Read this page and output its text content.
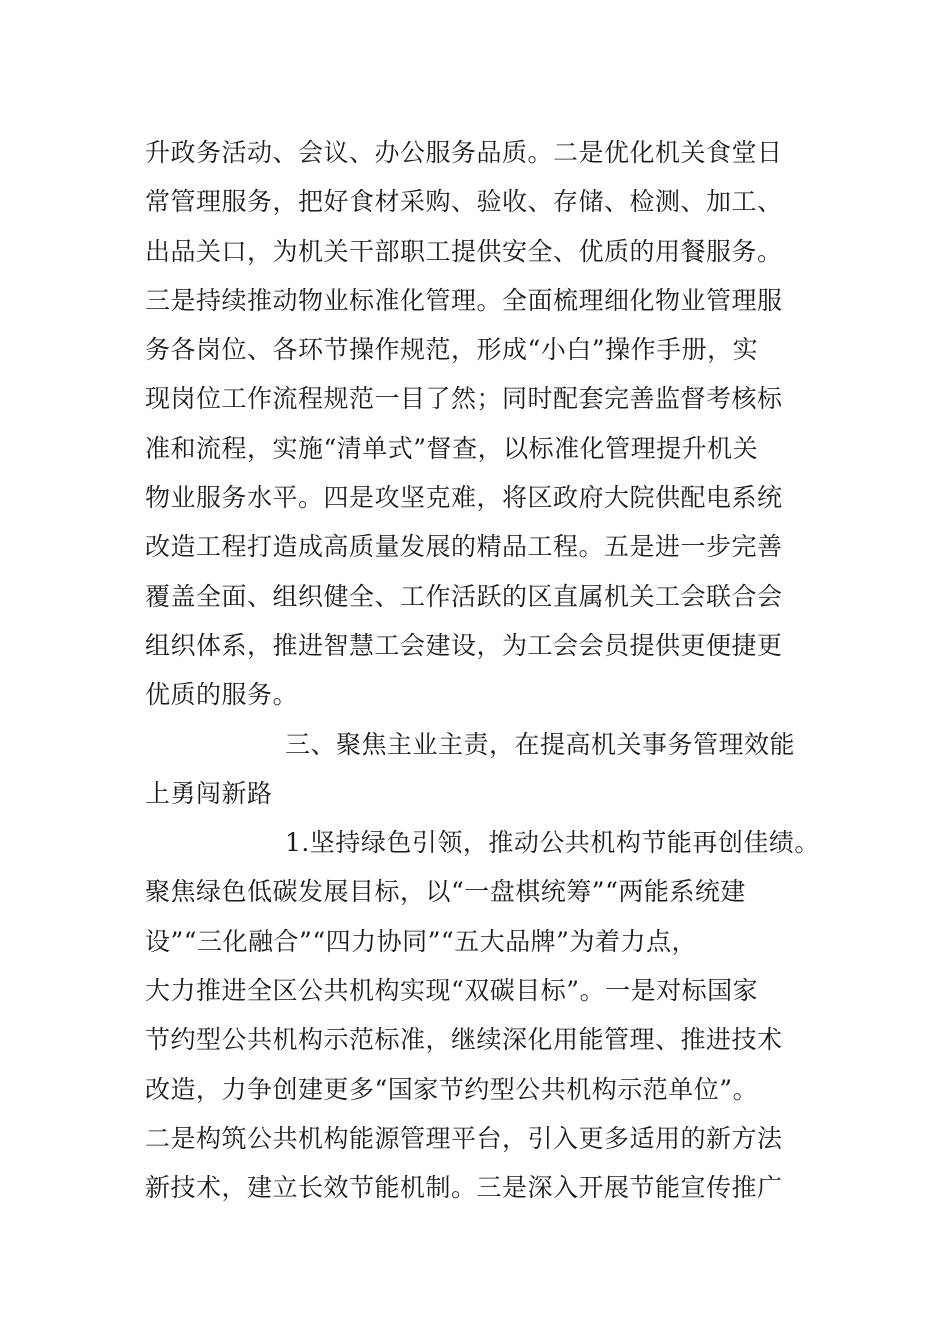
升政务活动、会议、办公服务品质。二是优化机关食堂日
常管理服务，把好食材采购、验收、存储、检测、加工、
出品关口，为机关干部职工提供安全、优质的用餐服务。
三是持续推动物业标准化管理。全面梳理细化物业管理服
务各岗位、各环节操作规范，形成“小白”操作手册，实
现岗位工作流程规范一目了然；同时配套完善监督考核标
准和流程，实施“清单式”督查，以标准化管理提升机关
物业服务水平。四是攻坚克难，将区政府大院供配电系统
改造工程打造成高质量发展的精品工程。五是进一步完善
覆盖全面、组织健全、工作活跃的区直属机关工会联合会
组织体系，推进智慧工会建设，为工会会员提供更便捷更
优质的服务。
三、聚焦主业主责，在提高机关事务管理效能
上勇闯新路
1.坚持绿色引领，推动公共机构节能再创佳绩。
聚焦绿色低碳发展目标，以“一盘棋统筹”“两能系统建
设”“三化融合”“四力协同”“五大品牌”为着力点，
大力推进全区公共机构实现“双碳目标”。一是对标国家
节约型公共机构示范标准，继续深化用能管理、推进技术
改造，力争创建更多“国家节约型公共机构示范单位”。
二是构筑公共机构能源管理平台，引入更多适用的新方法
新技术，建立长效节能机制。三是深入开展节能宣传推广
